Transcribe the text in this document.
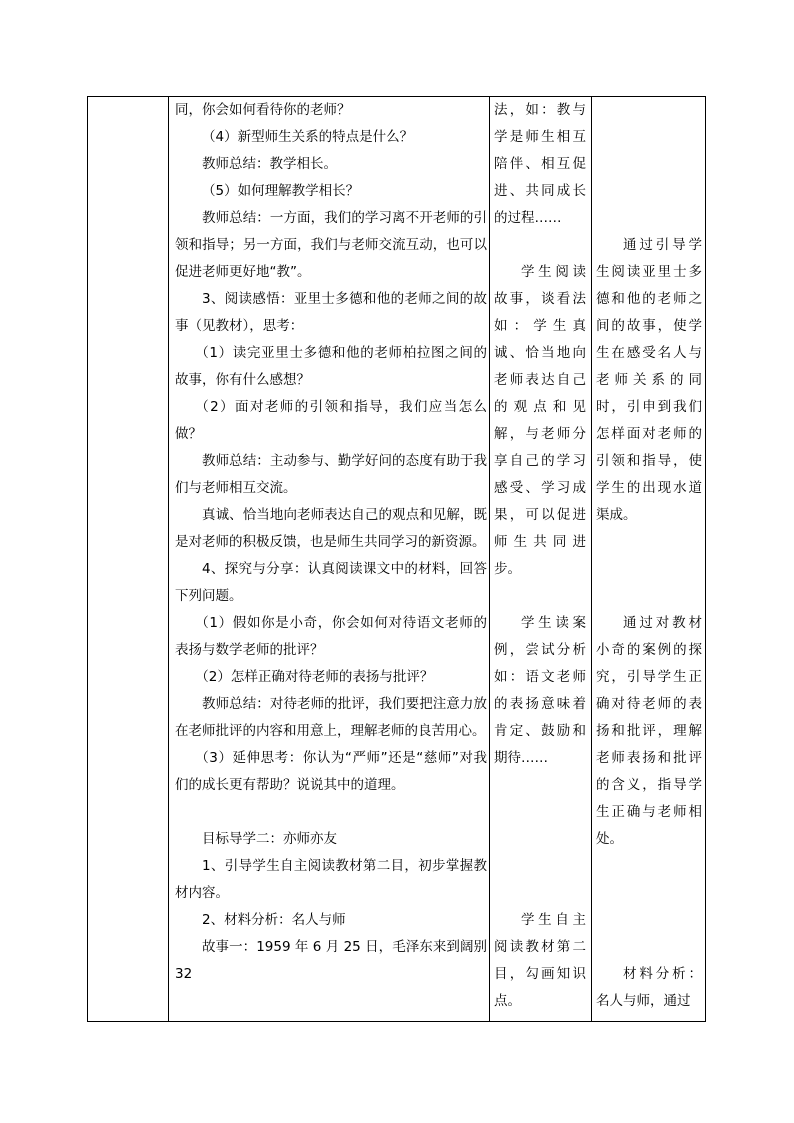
同，你会如何看待你的老师？

（4）新型师生关系的特点是什么？

教师总结：教学相长。

（5）如何理解教学相长？

教师总结：一方面，我们的学习离不开老师的引领和指导；另一方面，我们与老师交流互动，也可以促进老师更好地“教”。

3、阅读感悟：亚里士多德和他的老师之间的故事（见教材），思考：

（1）读完亚里士多德和他的老师柏拉图之间的故事，你有什么感想？

（2）面对老师的引领和指导，我们应当怎么做？

教师总结：主动参与、勤学好问的态度有助于我们与老师相互交流。

真诚、恰当地向老师表达自己的观点和见解，既是对老师的积极反馈，也是师生共同学习的新资源。

4、探究与分享：认真阅读课文中的材料，回答下列问题。

（1）假如你是小奇，你会如何对待语文老师的表扬与数学老师的批评？

（2）怎样正确对待老师的表扬与批评？

教师总结：对待老师的批评，我们要把注意力放在老师批评的内容和用意上，理解老师的良苦用心。

（3）延伸思考：你认为“严师”还是“慈师”对我们的成长更有帮助？说说其中的道理。

目标导学二：亦师亦友

1、引导学生自主阅读教材第二目，初步掌握教材内容。

2、材料分析：名人与师

故事一：1959 年 6 月 25 日，毛泽东来到阔别 32

法，如：教与学是师生相互陪伴、相互促进、共同成长的过程……

学生阅读故事，谈看法如：学生真诚、恰当地向老师表达自己的观点和见解，与老师分享自己的学习感受、学习成果，可以促进师生共同进步。

学生读案例，尝试分析如：语文老师的表扬意味着肯定、鼓励和期待……

学生自主阅读教材第二目，勾画知识点。

通过引导学生阅读亚里士多德和他的老师之间的故事，使学生在感受名人与老师关系的同时，引申到我们怎样面对老师的引领和指导，使学生的出现水道渠成。

通过对教材小奇的案例的探究，引导学生正确对待老师的表扬和批评，理解老师表扬和批评的含义，指导学生正确与老师相处。

材料分析：名人与师，通过
